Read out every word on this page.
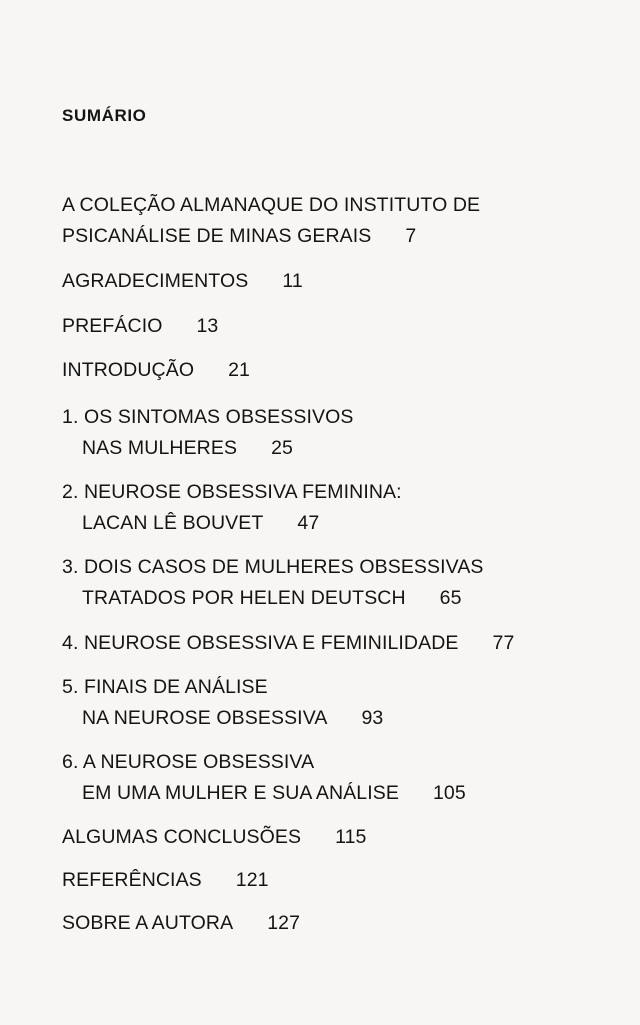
SUMÁRIO
A COLEÇÃO ALMANAQUE DO INSTITUTO DE
PSICANÁLISE DE MINAS GERAIS 7
AGRADECIMENTOS 11
PREFÁCIO 13
INTRODUÇÃO 21
1. OS SINTOMAS OBSESSIVOS
NAS MULHERES 25
2. NEUROSE OBSESSIVA FEMININA:
LACAN LÊ BOUVET 47
3. DOIS CASOS DE MULHERES OBSESSIVAS
TRATADOS POR HELEN DEUTSCH 65
4. NEUROSE OBSESSIVA E FEMINILIDADE 77
5. FINAIS DE ANÁLISE
NA NEUROSE OBSESSIVA 93
6. A NEUROSE OBSESSIVA
EM UMA MULHER E SUA ANÁLISE 105
ALGUMAS CONCLUSÕES 115
REFERÊNCIAS 121
SOBRE A AUTORA 127
